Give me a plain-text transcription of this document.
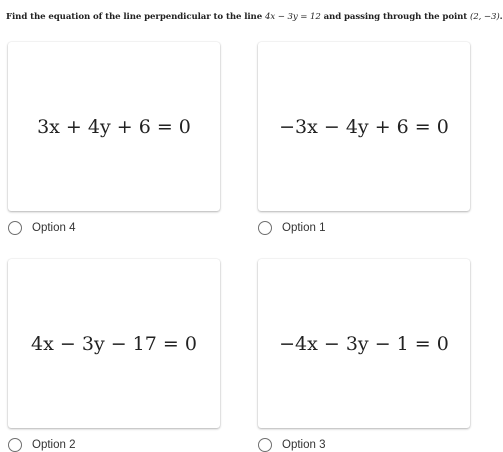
Find the equation of the line perpendicular to the line 4x − 3y = 12 and passing through the point (2, −3).
3x + 4y + 6 = 0
Option 4
−3x − 4y + 6 = 0
Option 1
4x − 3y − 17 = 0
Option 2
−4x − 3y − 1 = 0
Option 3
